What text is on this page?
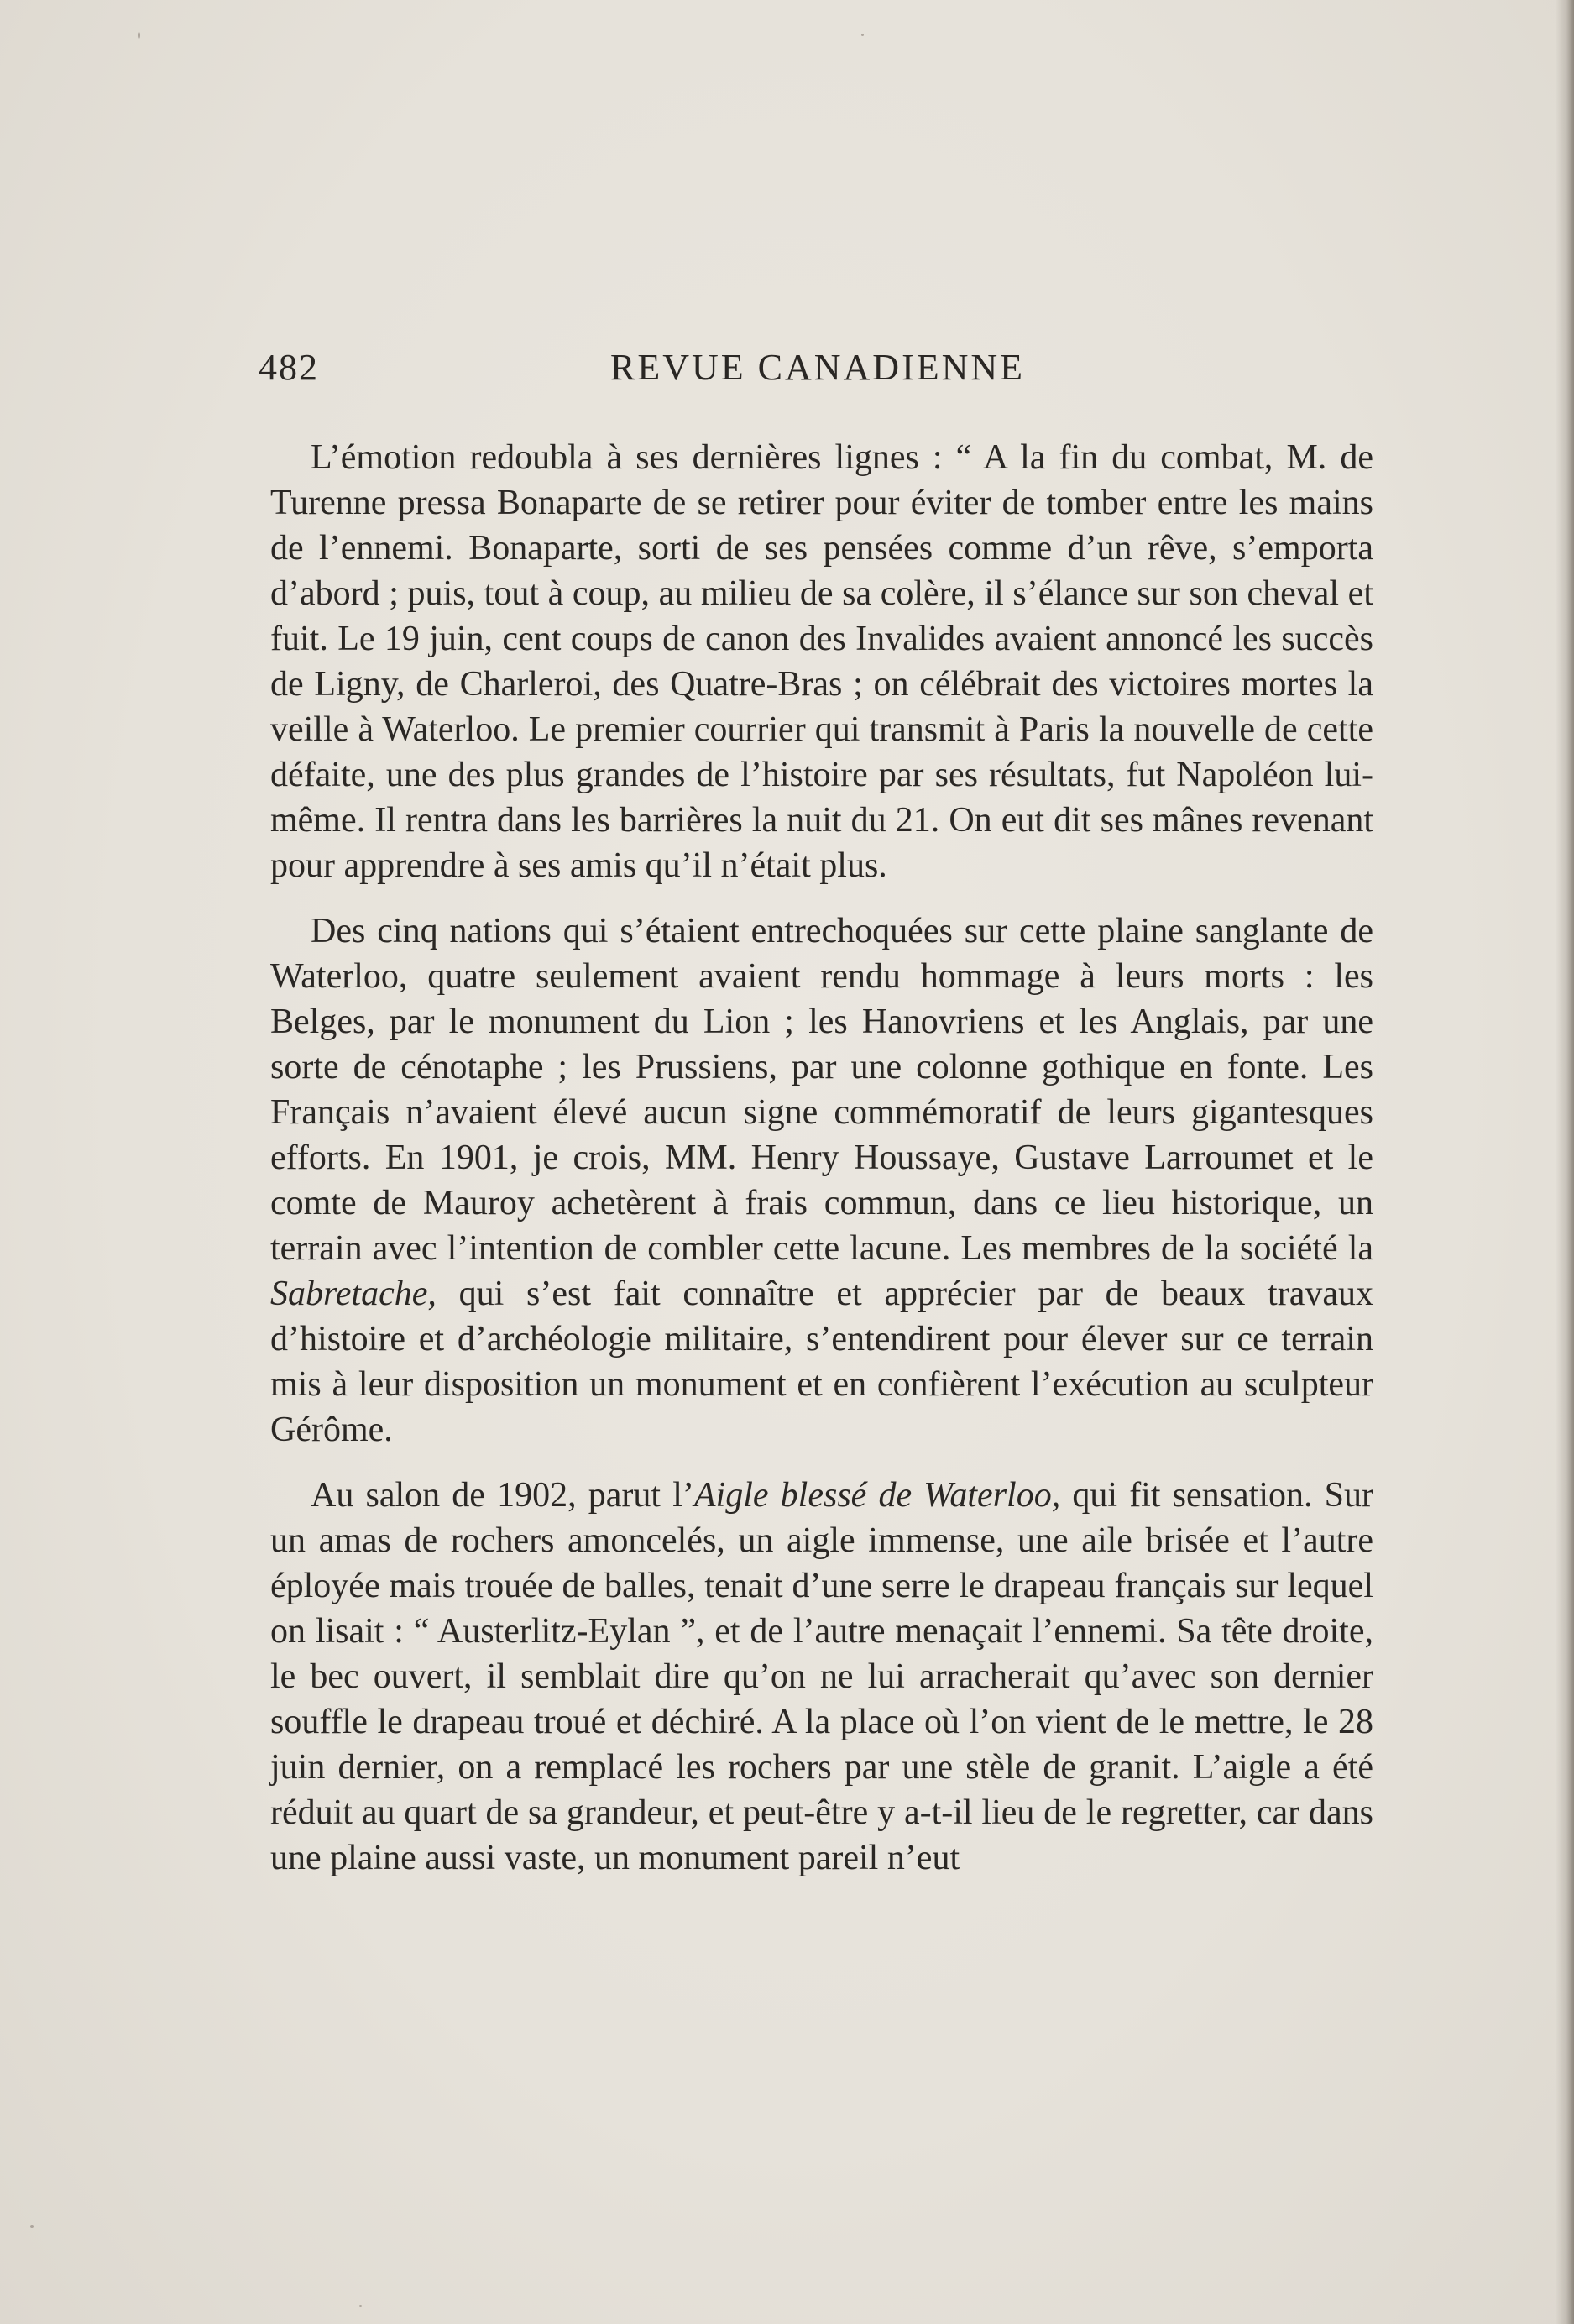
482	REVUE CANADIENNE

L’émotion redoubla à ses dernières lignes : “ A la fin du combat, M. de Turenne pressa Bonaparte de se retirer pour éviter de tomber entre les mains de l’ennemi. Bonaparte, sorti de ses pensées comme d’un rêve, s’emporta d’abord ; puis, tout à coup, au milieu de sa colère, il s’élance sur son cheval et fuit. Le 19 juin, cent coups de canon des Invalides avaient annoncé les succès de Ligny, de Charleroi, des Quatre-Bras ; on célébrait des victoires mortes la veille à Waterloo. Le premier courrier qui transmit à Paris la nouvelle de cette défaite, une des plus grandes de l’histoire par ses résultats, fut Napoléon lui-même. Il rentra dans les barrières la nuit du 21. On eut dit ses mânes revenant pour apprendre à ses amis qu’il n’était plus.

Des cinq nations qui s’étaient entrechoquées sur cette plaine sanglante de Waterloo, quatre seulement avaient rendu hommage à leurs morts : les Belges, par le monument du Lion ; les Hanovriens et les Anglais, par une sorte de cénotaphe ; les Prussiens, par une colonne gothique en fonte. Les Français n’avaient élevé aucun signe commémoratif de leurs gigantesques efforts. En 1901, je crois, MM. Henry Houssaye, Gustave Larroumet et le comte de Mauroy achetèrent à frais commun, dans ce lieu historique, un terrain avec l’intention de combler cette lacune. Les membres de la société la Sabretache, qui s’est fait connaître et apprécier par de beaux travaux d’histoire et d’archéologie militaire, s’entendirent pour élever sur ce terrain mis à leur disposition un monument et en confièrent l’exécution au sculpteur Gérôme.

Au salon de 1902, parut l’Aigle blessé de Waterloo, qui fit sensation. Sur un amas de rochers amoncelés, un aigle immense, une aile brisée et l’autre éployée mais trouée de balles, tenait d’une serre le drapeau français sur lequel on lisait : “ Austerlitz-Eylan ”, et de l’autre menaçait l’ennemi. Sa tête droite, le bec ouvert, il semblait dire qu’on ne lui arracherait qu’avec son dernier souffle le drapeau troué et déchiré. A la place où l’on vient de le mettre, le 28 juin dernier, on a remplacé les rochers par une stèle de granit. L’aigle a été réduit au quart de sa grandeur, et peut-être y a-t-il lieu de le regretter, car dans une plaine aussi vaste, un monument pareil n’eut
